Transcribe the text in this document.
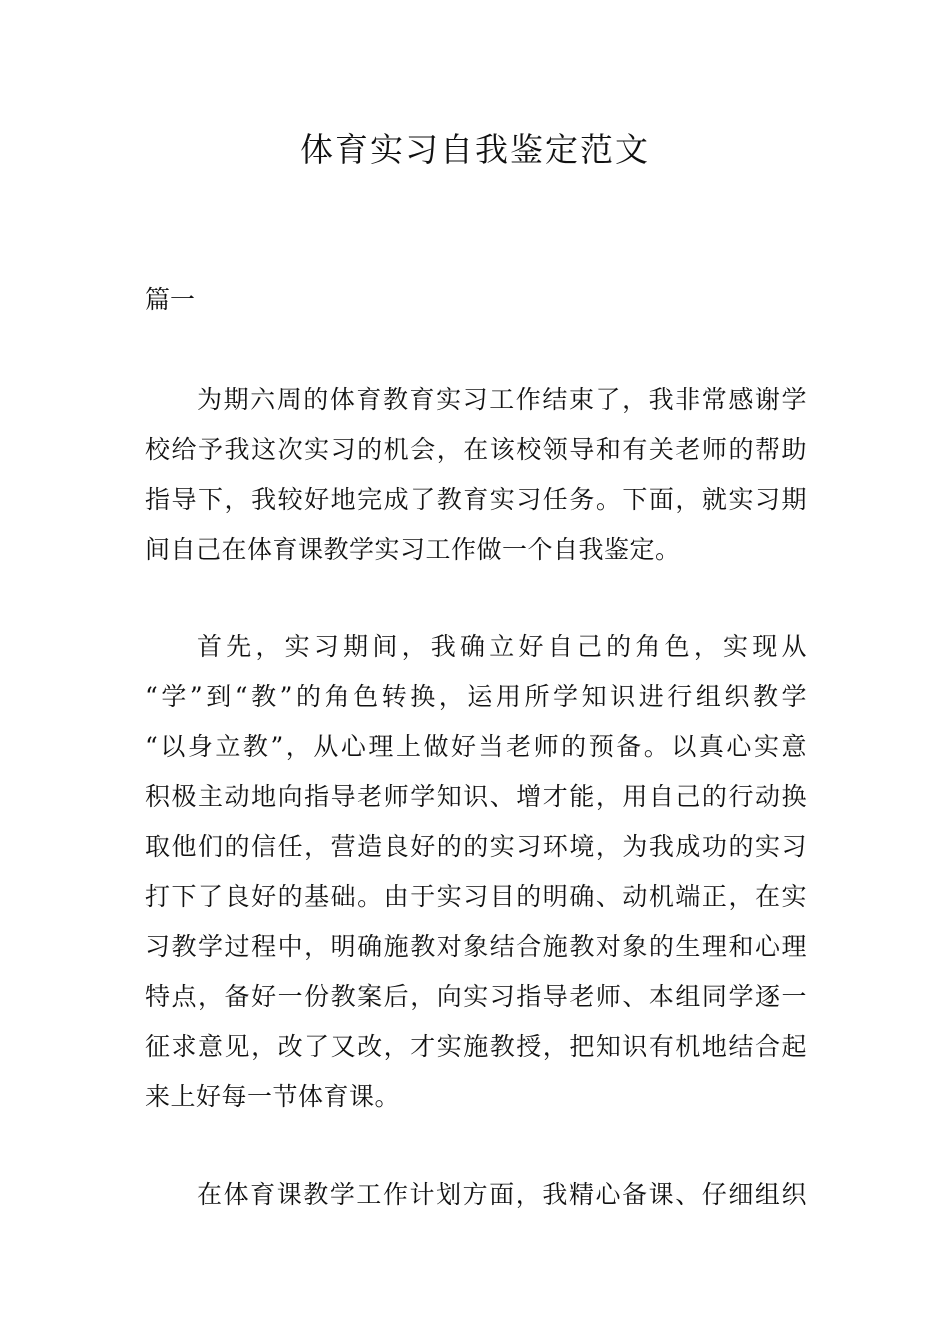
体育实习自我鉴定范文

篇一

为期六周的体育教育实习工作结束了，我非常感谢学
校给予我这次实习的机会，在该校领导和有关老师的帮助
指导下，我较好地完成了教育实习任务。下面，就实习期
间自己在体育课教学实习工作做一个自我鉴定。
首先，实习期间，我确立好自己的角色，实现从
“学”到“教”的角色转换，运用所学知识进行组织教学
“以身立教”，从心理上做好当老师的预备。以真心实意
积极主动地向指导老师学知识、增才能，用自己的行动换
取他们的信任，营造良好的的实习环境，为我成功的实习
打下了良好的基础。由于实习目的明确、动机端正，在实
习教学过程中，明确施教对象结合施教对象的生理和心理
特点，备好一份教案后，向实习指导老师、本组同学逐一
征求意见，改了又改，才实施教授，把知识有机地结合起
来上好每一节体育课。
在体育课教学工作计划方面，我精心备课、仔细组织
